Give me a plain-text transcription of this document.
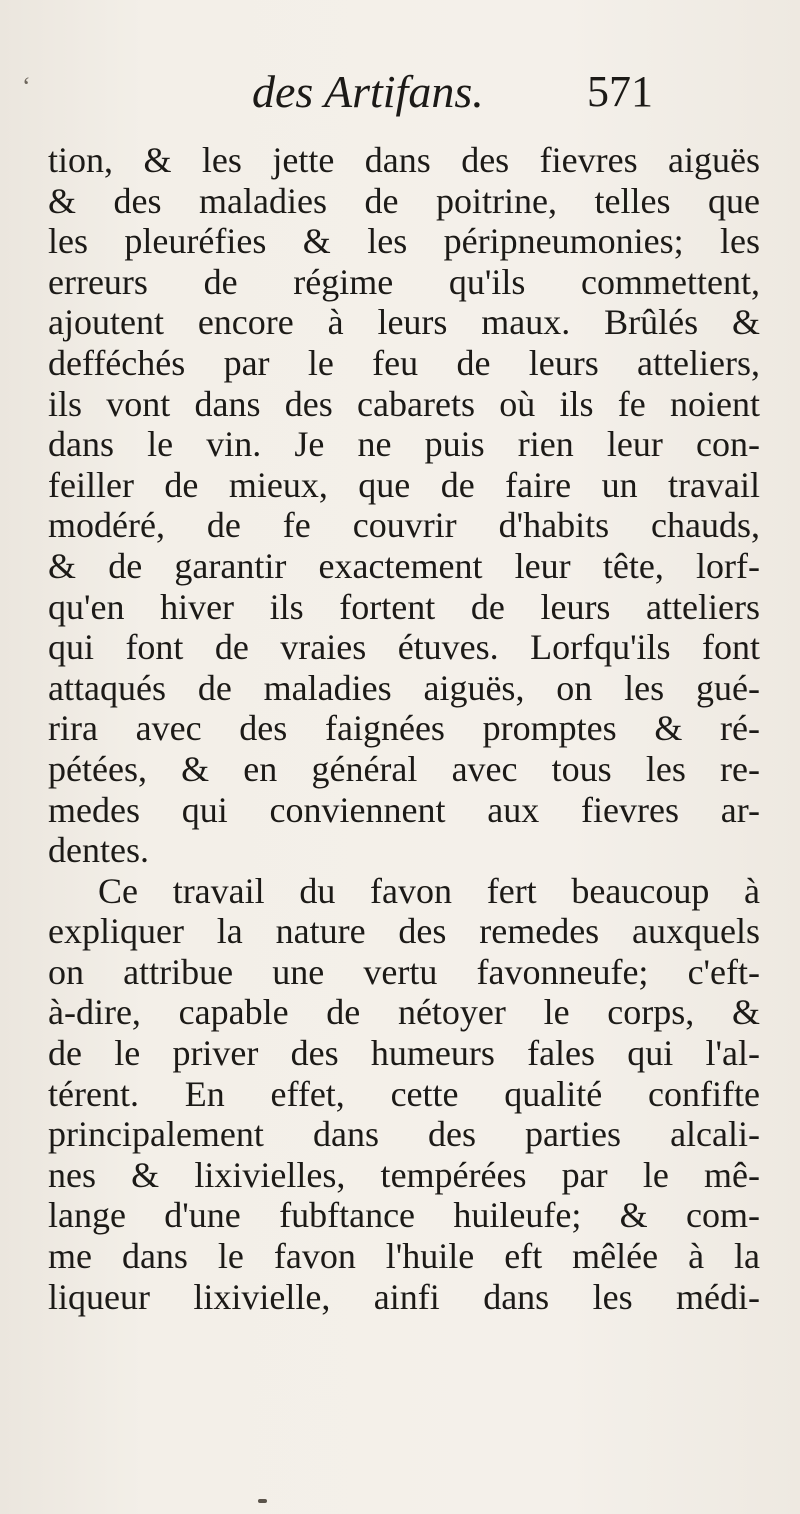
des Artifans. 571
ʻ
tion, & les jette dans des fievres aiguës
& des maladies de poitrine, telles que
les pleuréfies & les péripneumonies; les
erreurs de régime qu'ils commettent,
ajoutent encore à leurs maux. Brûlés &
defféchés par le feu de leurs atteliers,
ils vont dans des cabarets où ils fe noient
dans le vin. Je ne puis rien leur con-
feiller de mieux, que de faire un travail
modéré, de fe couvrir d'habits chauds,
& de garantir exactement leur tête, lorf-
qu'en hiver ils fortent de leurs atteliers
qui font de vraies étuves. Lorfqu'ils font
attaqués de maladies aiguës, on les gué-
rira avec des faignées promptes & ré-
pétées, & en général avec tous les re-
medes qui conviennent aux fievres ar-
dentes.
Ce travail du favon fert beaucoup à
expliquer la nature des remedes auxquels
on attribue une vertu favonneufe; c'eft-
à-dire, capable de nétoyer le corps, &
de le priver des humeurs fales qui l'al-
térent. En effet, cette qualité confifte
principalement dans des parties alcali-
nes & lixivielles, tempérées par le mê-
lange d'une fubftance huileufe; & com-
me dans le favon l'huile eft mêlée à la
liqueur lixivielle, ainfi dans les médi-
